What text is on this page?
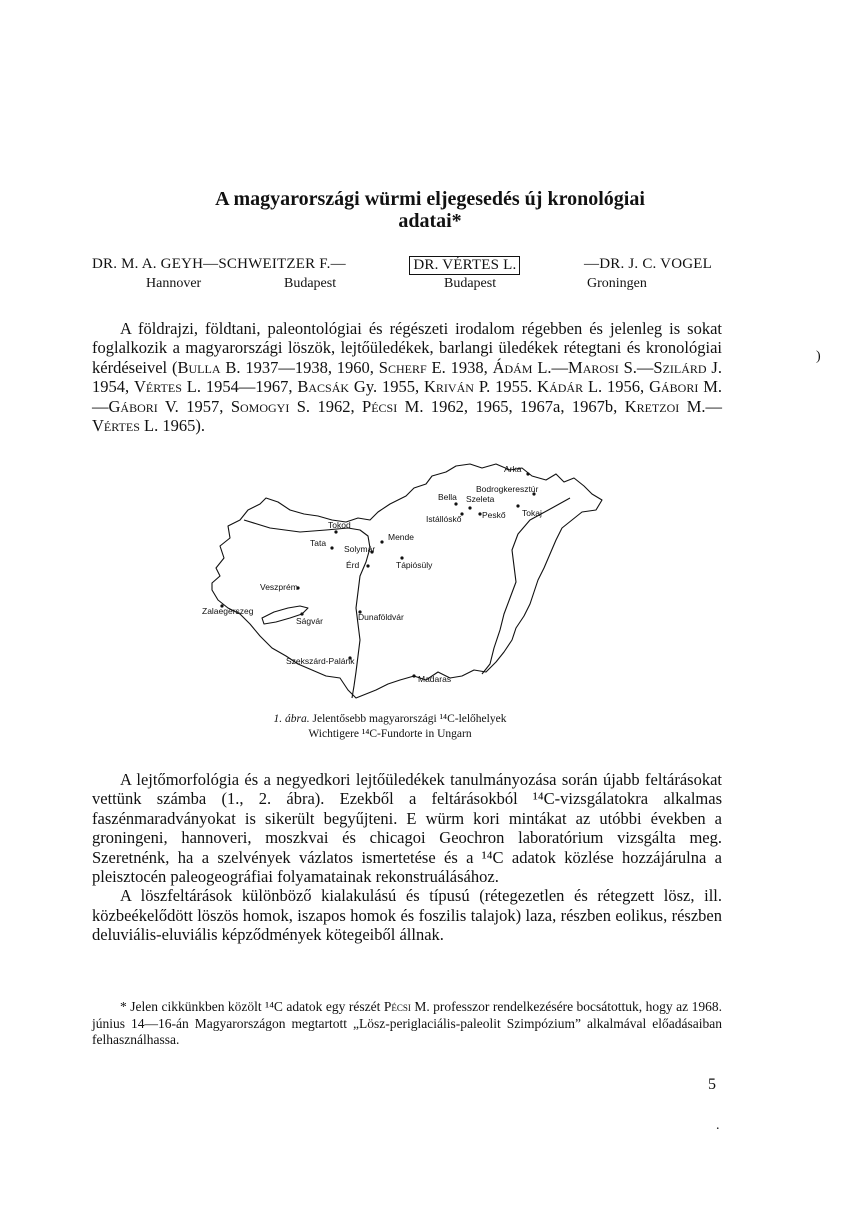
A magyarországi würmi eljegesedés új kronológiai
adatai*
DR. M. A. GEYH—SCHWEITZER F.—	DR. VÉRTES L.	—DR. J. C. VOGEL
Hannover	Budapest	Budapest	Groningen

A földrajzi, földtani, paleontológiai és régészeti irodalom régebben és jelenleg is sokat foglalkozik a magyarországi löszök, lejtőüledékek, barlangi üledékek rétegtani és kronológiai kérdéseivel (Bulla B. 1937—1938, 1960, Scherf E. 1938, Ádám L.—Marosi S.—Szilárd J. 1954, Vértes L. 1954—1967, Bacsák Gy. 1955, Kriván P. 1955. Kádár L. 1956, Gábori M.—Gábori V. 1957, Somogyi S. 1962, Pécsi M. 1962, 1965, 1967a, 1967b, Kretzoi M.—Vértes L. 1965).

Arka
Bodrogkeresztúr
Bella Szeleta
Istállóskő Peskő Tokaj
Tokod
Tata
Mende
Solymár
Tápiósüly
Érd
Veszprém
Zalaegerszeg
Ságvár	Dunaföldvár
Szekszárd-Palánk
Madaras
1. ábra. Jelentősebb magyarországi ¹⁴C-lelőhelyek
Wichtigere ¹⁴C-Fundorte in Ungarn

A lejtőmorfológia és a negyedkori lejtőüledékek tanulmányozása során újabb feltárásokat vettünk számba (1., 2. ábra). Ezekből a feltárásokból ¹⁴C-vizsgálatokra alkalmas faszénmaradványokat is sikerült begyűjteni. E würm kori mintákat az utóbbi években a groningeni, hannoveri, moszkvai és chicagoi Geochron laboratórium vizsgálta meg. Szeretnénk, ha a szelvények vázlatos ismertetése és a ¹⁴C adatok közlése hozzájárulna a pleisztocén paleogeográfiai folyamatainak rekonstruálásához.

A löszfeltárások különböző kialakulású és típusú (rétegezetlen és rétegzett lösz, ill. közbeékelődött löszös homok, iszapos homok és foszilis talajok) laza, részben eolikus, részben deluviális-eluviális képződmények kötegeiből állnak.

* Jelen cikkünkben közölt ¹⁴C adatok egy részét Pécsi M. professzor rendelkezésére bocsátottuk, hogy az 1968. június 14—16-án Magyarországon megtartott „Lösz-periglaciális-paleolit Szimpózium” alkalmával előadásaiban felhasználhassa.

5
)
.
